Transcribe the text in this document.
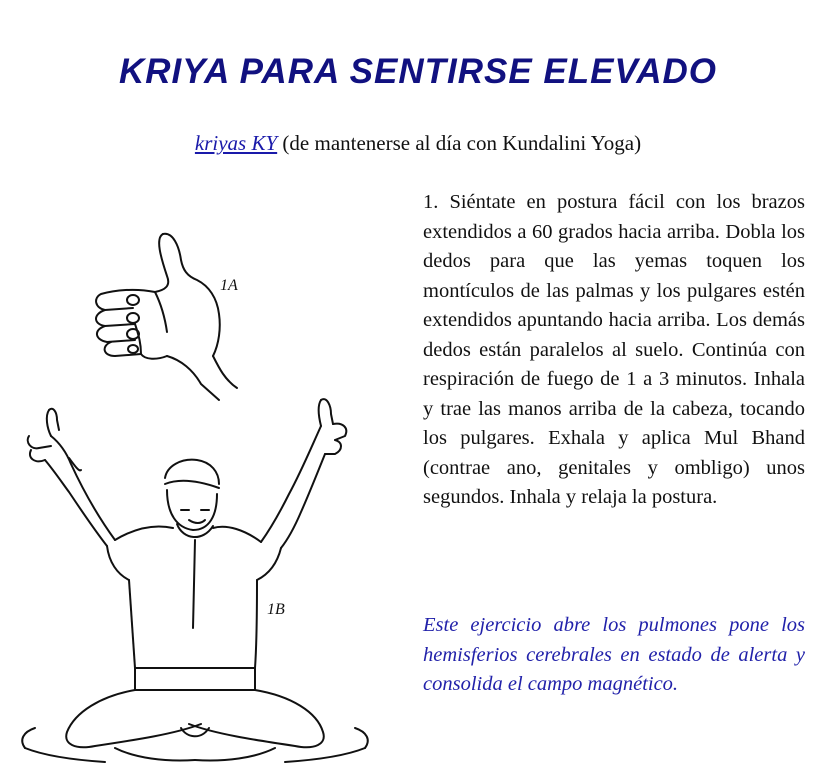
KRIYA PARA SENTIRSE ELEVADO
kriyas KY (de mantenerse al día con Kundalini Yoga)
1A
1B

1. Siéntate en postura fácil con los brazos extendidos a 60 grados hacia arriba. Dobla los dedos para que las yemas toquen los montículos de las palmas y los pulgares estén extendidos apuntando hacia arriba. Los demás dedos están paralelos al suelo. Continúa con respiración de fuego de 1 a 3 minutos. Inhala y trae las manos arriba de la cabeza, tocando los pulgares. Exhala y aplica Mul Bhand (contrae ano, genitales y ombligo) unos segundos. Inhala y relaja la postura.

Este ejercicio abre los pulmones pone los hemisferios cerebrales en estado de alerta y consolida el campo magnético.
